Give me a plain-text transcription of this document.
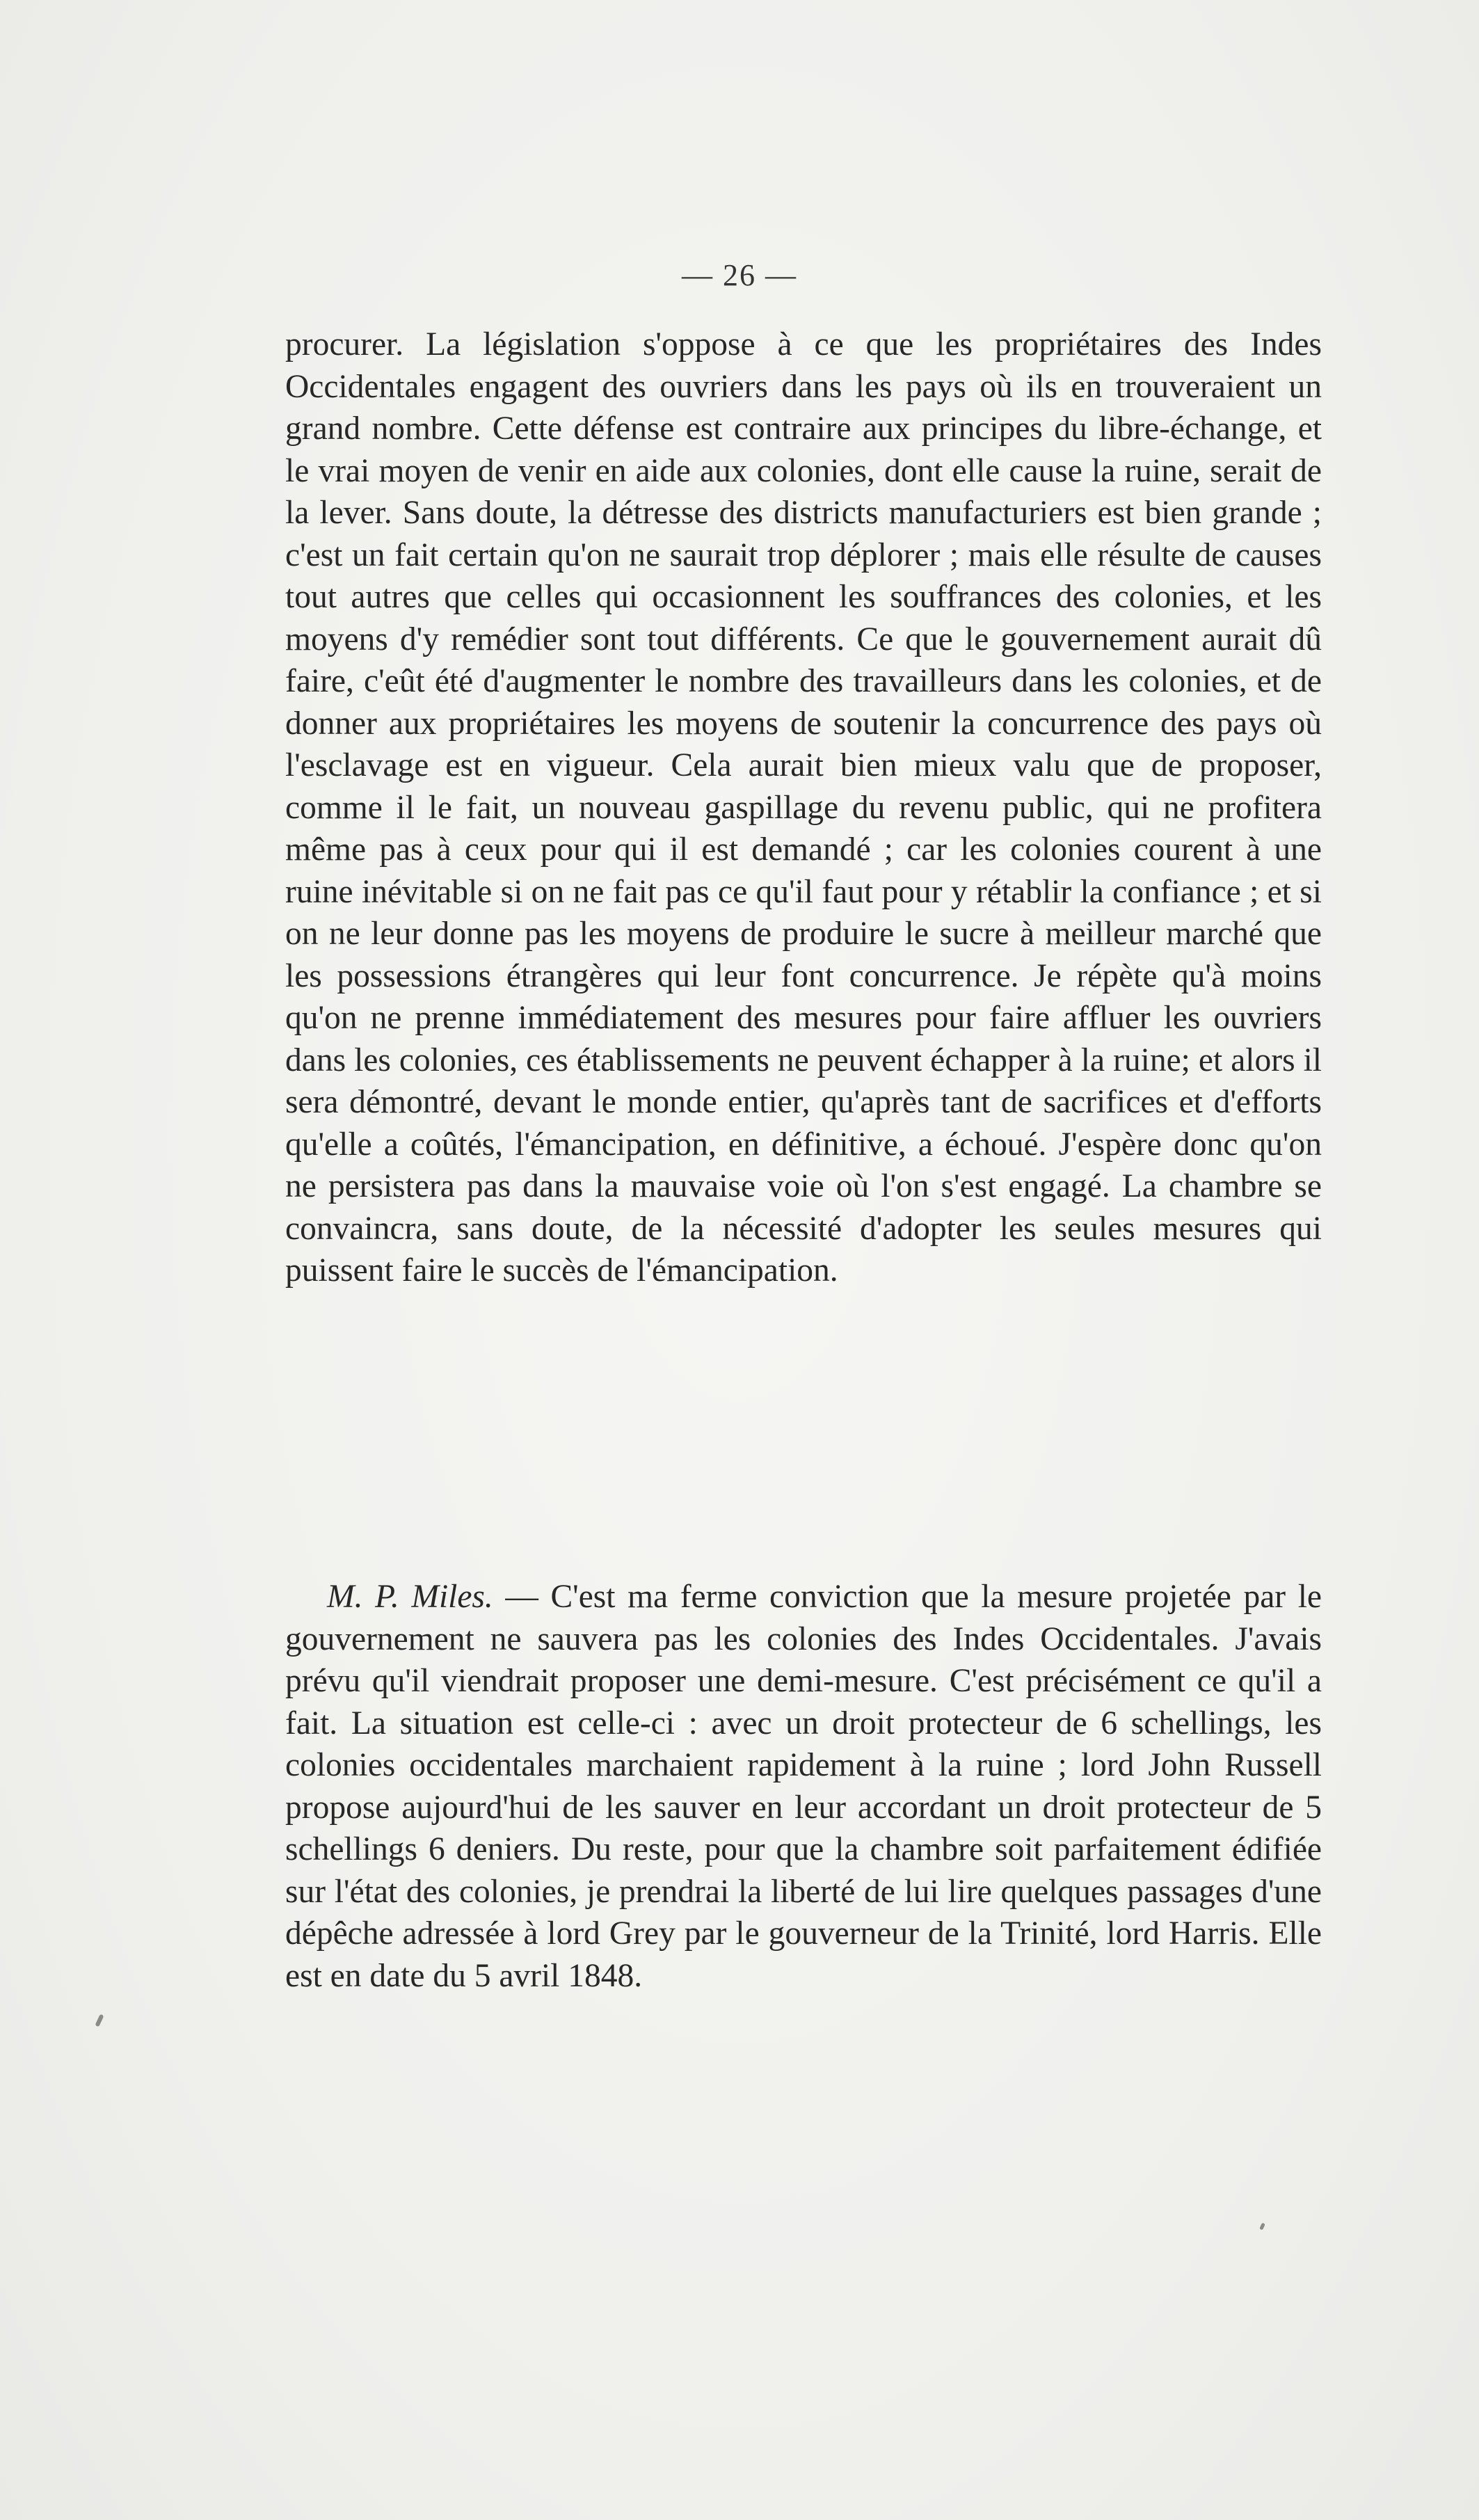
— 26 —
procurer. La législation s'oppose à ce que les propriétaires des Indes Occidentales engagent des ouvriers dans les pays où ils en trouveraient un grand nombre. Cette défense est contraire aux principes du libre-échange, et le vrai moyen de venir en aide aux colonies, dont elle cause la ruine, serait de la lever. Sans doute, la détresse des districts manufacturiers est bien grande ; c'est un fait certain qu'on ne saurait trop déplorer ; mais elle résulte de causes tout autres que celles qui occasionnent les souffrances des colonies, et les moyens d'y remédier sont tout différents. Ce que le gouvernement aurait dû faire, c'eût été d'augmenter le nombre des travailleurs dans les colonies, et de donner aux propriétaires les moyens de soutenir la concurrence des pays où l'esclavage est en vigueur. Cela aurait bien mieux valu que de proposer, comme il le fait, un nouveau gaspillage du revenu public, qui ne profitera même pas à ceux pour qui il est demandé ; car les colonies courent à une ruine inévitable si on ne fait pas ce qu'il faut pour y rétablir la confiance ; et si on ne leur donne pas les moyens de produire le sucre à meilleur marché que les possessions étrangères qui leur font concurrence. Je répète qu'à moins qu'on ne prenne immédiatement des mesures pour faire affluer les ouvriers dans les colonies, ces établissements ne peuvent échapper à la ruine; et alors il sera démontré, devant le monde entier, qu'après tant de sacrifices et d'efforts qu'elle a coûtés, l'émancipation, en définitive, a échoué. J'espère donc qu'on ne persistera pas dans la mauvaise voie où l'on s'est engagé. La chambre se convaincra, sans doute, de la nécessité d'adopter les seules mesures qui puissent faire le succès de l'émancipation.
M. P. Miles. — C'est ma ferme conviction que la mesure projetée par le gouvernement ne sauvera pas les colonies des Indes Occidentales. J'avais prévu qu'il viendrait proposer une demi-mesure. C'est précisément ce qu'il a fait. La situation est celle-ci : avec un droit protecteur de 6 schellings, les colonies occidentales marchaient rapidement à la ruine ; lord John Russell propose aujourd'hui de les sauver en leur accordant un droit protecteur de 5 schellings 6 deniers. Du reste, pour que la chambre soit parfaitement édifiée sur l'état des colonies, je prendrai la liberté de lui lire quelques passages d'une dépêche adressée à lord Grey par le gouverneur de la Trinité, lord Harris. Elle est en date du 5 avril 1848.
